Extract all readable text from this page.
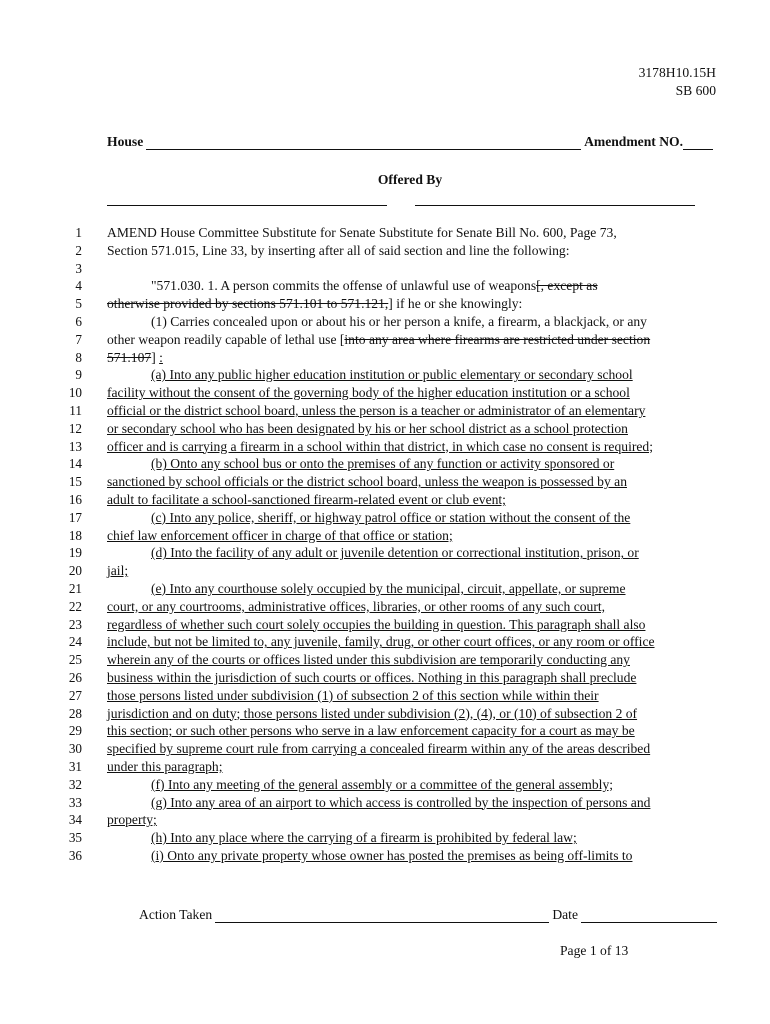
3178H10.15H
SB 600
House	Amendment NO.
Offered By
1 AMEND House Committee Substitute for Senate Substitute for Senate Bill No. 600, Page 73,
2 Section 571.015, Line 33, by inserting after all of said section and line the following:
3
4	"571.030. 1. A person commits the offense of unlawful use of weapons[, except as
5 otherwise provided by sections 571.101 to 571.121,] if he or she knowingly:
6	(1) Carries concealed upon or about his or her person a knife, a firearm, a blackjack, or any
7 other weapon readily capable of lethal use [into any area where firearms are restricted under section
8 571.107] :
9	(a) Into any public higher education institution or public elementary or secondary school
10 facility without the consent of the governing body of the higher education institution or a school
11 official or the district school board, unless the person is a teacher or administrator of an elementary
12 or secondary school who has been designated by his or her school district as a school protection
13 officer and is carrying a firearm in a school within that district, in which case no consent is required;
14	(b) Onto any school bus or onto the premises of any function or activity sponsored or
15 sanctioned by school officials or the district school board, unless the weapon is possessed by an
16 adult to facilitate a school-sanctioned firearm-related event or club event;
17	(c) Into any police, sheriff, or highway patrol office or station without the consent of the
18 chief law enforcement officer in charge of that office or station;
19	(d) Into the facility of any adult or juvenile detention or correctional institution, prison, or
20 jail;
21	(e) Into any courthouse solely occupied by the municipal, circuit, appellate, or supreme
22 court, or any courtrooms, administrative offices, libraries, or other rooms of any such court,
23 regardless of whether such court solely occupies the building in question. This paragraph shall also
24 include, but not be limited to, any juvenile, family, drug, or other court offices, or any room or office
25 wherein any of the courts or offices listed under this subdivision are temporarily conducting any
26 business within the jurisdiction of such courts or offices. Nothing in this paragraph shall preclude
27 those persons listed under subdivision (1) of subsection 2 of this section while within their
28 jurisdiction and on duty; those persons listed under subdivision (2), (4), or (10) of subsection 2 of
29 this section; or such other persons who serve in a law enforcement capacity for a court as may be
30 specified by supreme court rule from carrying a concealed firearm within any of the areas described
31 under this paragraph;
32	(f) Into any meeting of the general assembly or a committee of the general assembly;
33	(g) Into any area of an airport to which access is controlled by the inspection of persons and
34 property;
35	(h) Into any place where the carrying of a firearm is prohibited by federal law;
36	(i) Onto any private property whose owner has posted the premises as being off-limits to
Action Taken	Date
Page 1 of 13
